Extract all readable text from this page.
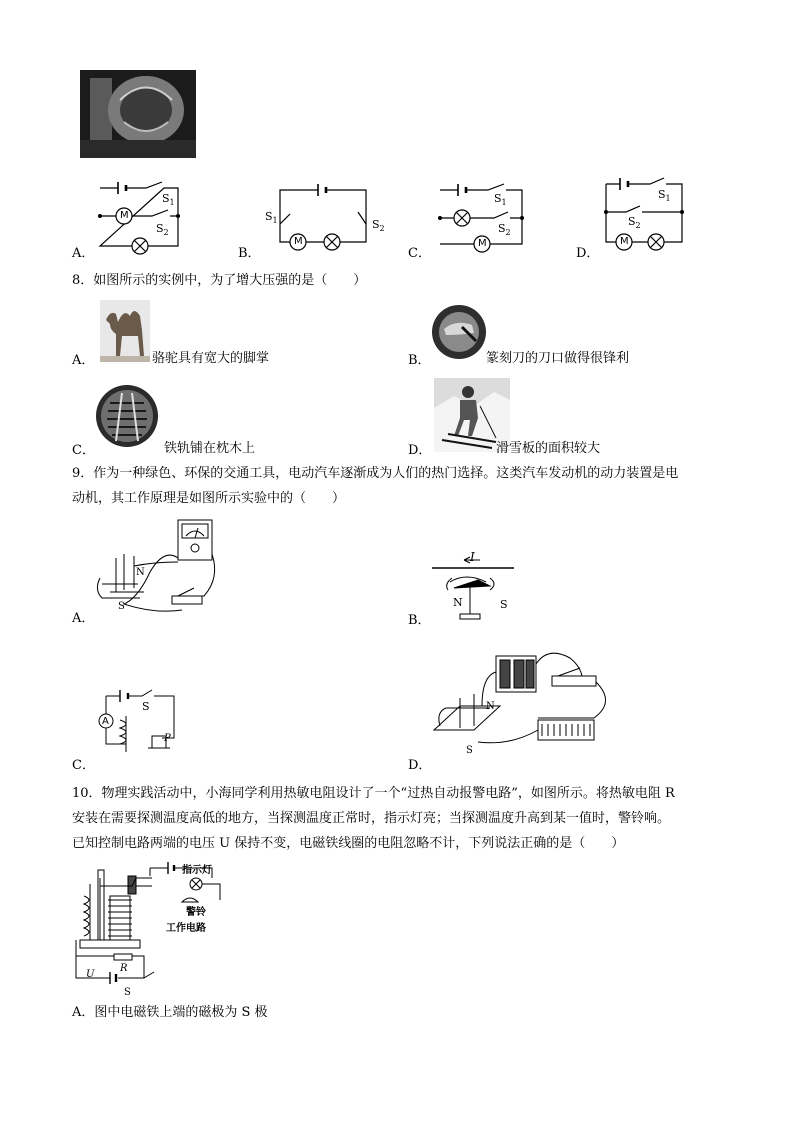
M
$S_1$
$S_2$
A．
M
$S_1$	$S_2$
B．
M
$S_1$
$S_2$
C．
M
$S_1$
$S_2$
D．
8．如图所示的实例中，为了增大压强的是（　　）
A．	骆驼具有宽大的脚掌	B．	篆刻刀的刀口做得很锋利
C．	铁轨铺在枕木上	D．	滑雪板的面积较大
9．作为一种绿色、环保的交通工具，电动汽车逐渐成为人们的热门选择。这类汽车发动机的动力装置是电
动机，其工作原理是如图所示实验中的（　　）
N
S
A．
I
N	S
B．
A
S
P
C．
N
S
D．
10．物理实践活动中，小海同学利用热敏电阻设计了一个“过热自动报警电路”，如图所示。将热敏电阻 R
安装在需要探测温度高低的地方，当探测温度正常时，指示灯亮；当探测温度升高到某一值时，警铃响。
已知控制电路两端的电压 U 保持不变，电磁铁线圈的电阻忽略不计，下列说法正确的是（　　）
指示灯
警铃
工作电路
R
U
S
A．图中电磁铁上端的磁极为 S 极
